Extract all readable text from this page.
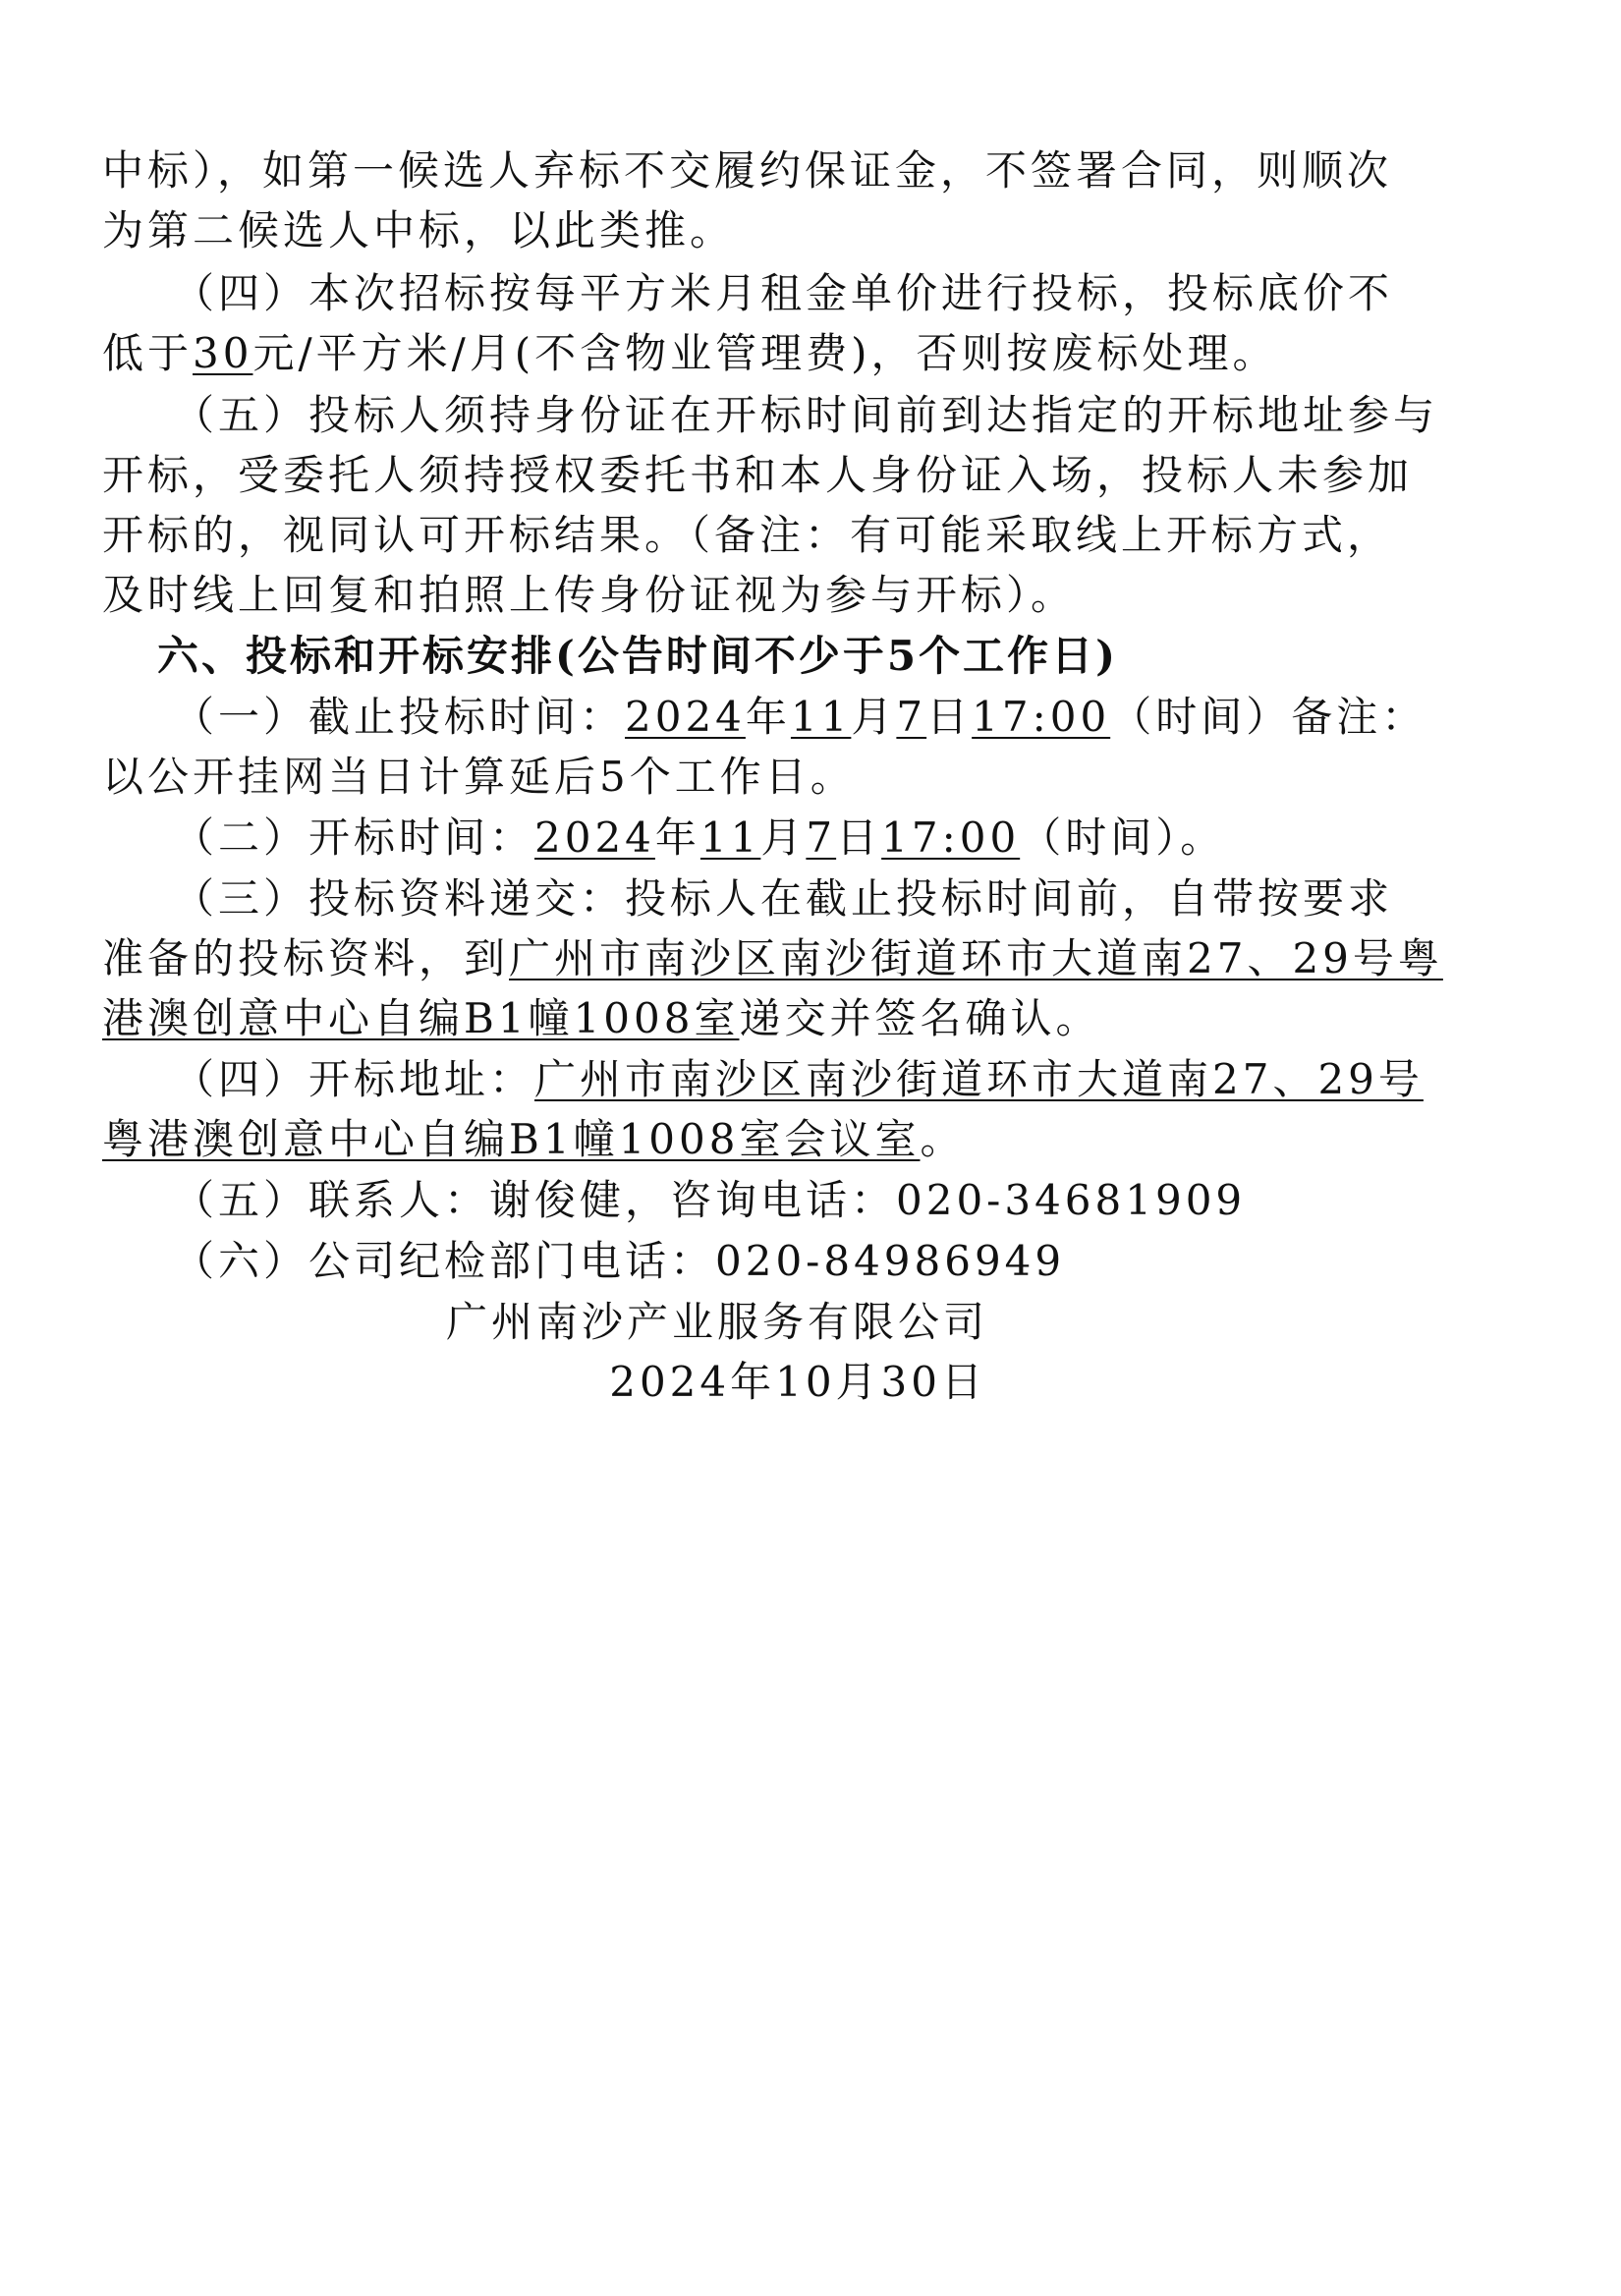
中标），如第一候选人弃标不交履约保证金，不签署合同，则顺次
为第二候选人中标，以此类推。
（四）本次招标按每平方米月租金单价进行投标，投标底价不
低于30元/平方米/月(不含物业管理费)，否则按废标处理。
（五）投标人须持身份证在开标时间前到达指定的开标地址参与
开标，受委托人须持授权委托书和本人身份证入场，投标人未参加
开标的，视同认可开标结果。（备注：有可能采取线上开标方式，
及时线上回复和拍照上传身份证视为参与开标）。
六、投标和开标安排(公告时间不少于5个工作日)
（一）截止投标时间：2024年11月7日17:00（时间）备注：
以公开挂网当日计算延后5个工作日。
（二）开标时间：2024年11月7日17:00（时间）。
（三）投标资料递交：投标人在截止投标时间前，自带按要求
准备的投标资料，到广州市南沙区南沙街道环市大道南27、29号粤
港澳创意中心自编B1幢1008室递交并签名确认。
（四）开标地址：广州市南沙区南沙街道环市大道南27、29号
粤港澳创意中心自编B1幢1008室会议室。
（五）联系人：谢俊健，咨询电话：020-34681909
（六）公司纪检部门电话：020-84986949
广州南沙产业服务有限公司
2024年10月30日
